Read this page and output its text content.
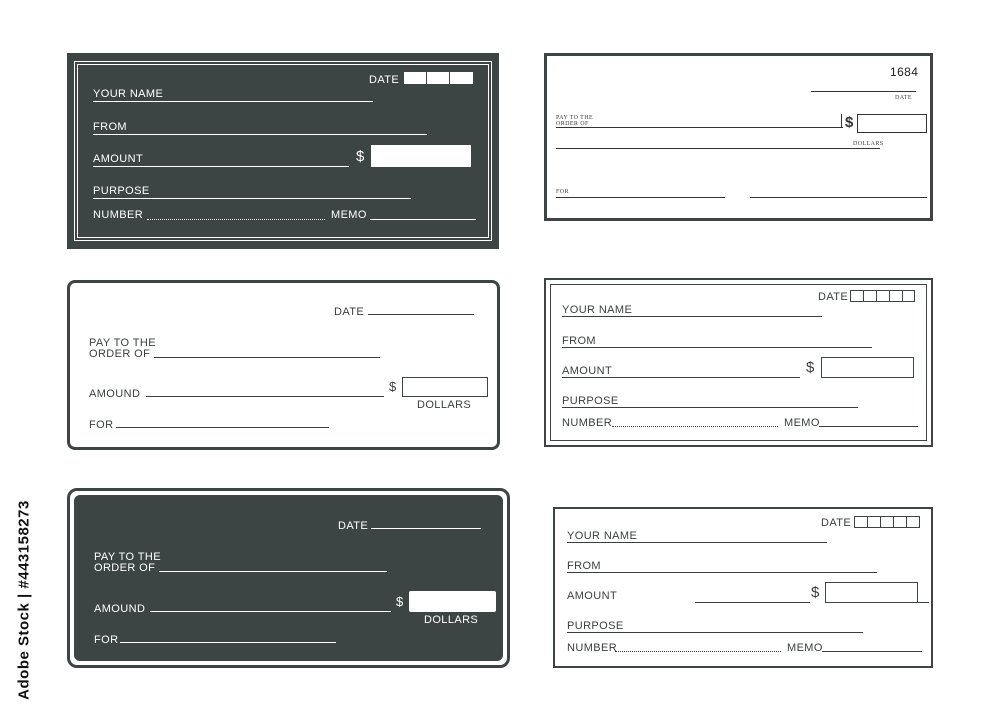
DATE
YOUR NAME
FROM
AMOUNT	$
PURPOSE
NUMBER	MEMO
1684
DATE
PAY TO THE
ORDER OF	$
DOLLARS
FOR
DATE
PAY TO THE
ORDER OF
AMOUND	$
DOLLARS
FOR
DATE
YOUR NAME
FROM
AMOUNT	$
PURPOSE
NUMBER	MEMO
DATE
PAY TO THE
ORDER OF
AMOUND	$
DOLLARS
FOR
DATE
YOUR NAME
FROM
AMOUNT	$
PURPOSE
NUMBER	MEMO
Adobe Stock | #443158273
